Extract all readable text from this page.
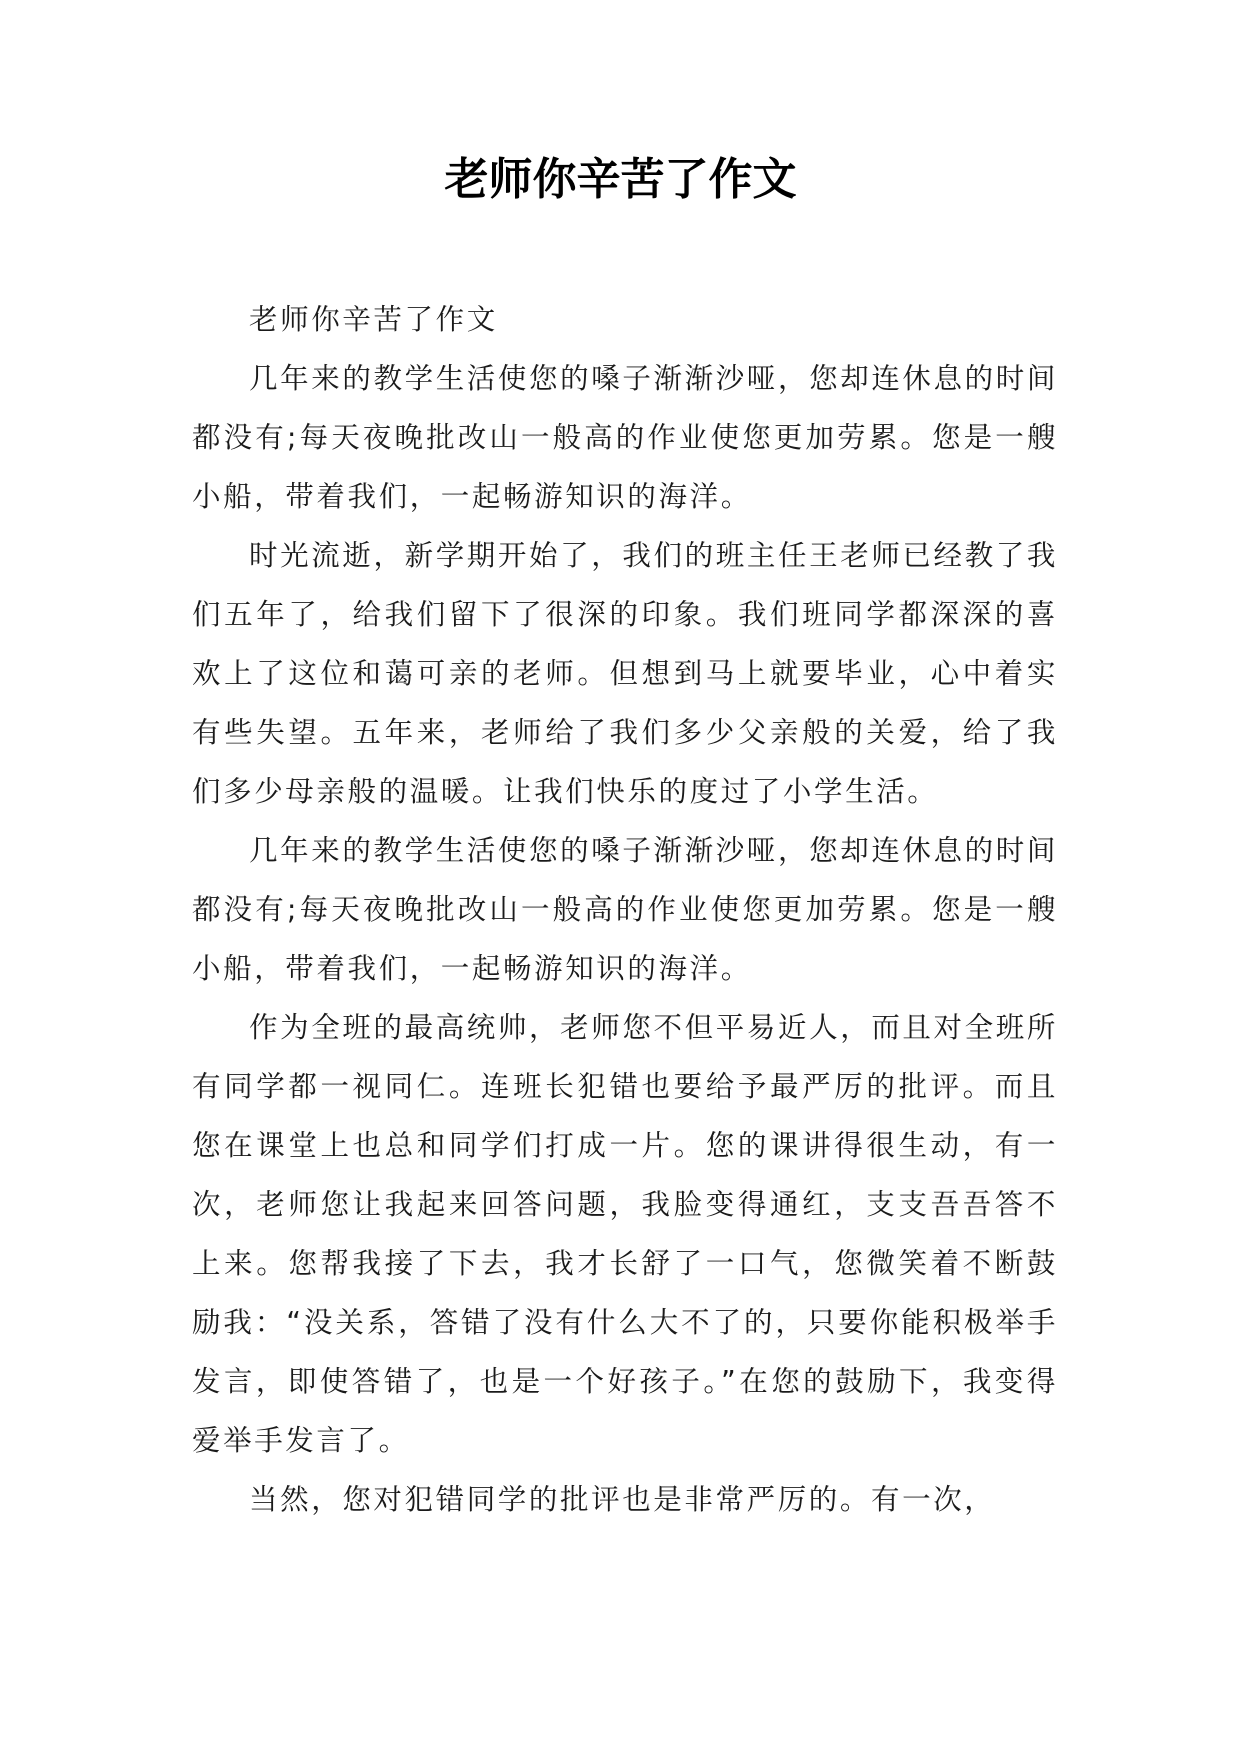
老师你辛苦了作文

老师你辛苦了作文

几年来的教学生活使您的嗓子渐渐沙哑，您却连休息的时间都没有;每天夜晚批改山一般高的作业使您更加劳累。您是一艘小船，带着我们，一起畅游知识的海洋。

时光流逝，新学期开始了，我们的班主任王老师已经教了我们五年了，给我们留下了很深的印象。我们班同学都深深的喜欢上了这位和蔼可亲的老师。但想到马上就要毕业，心中着实有些失望。五年来，老师给了我们多少父亲般的关爱，给了我们多少母亲般的温暖。让我们快乐的度过了小学生活。

几年来的教学生活使您的嗓子渐渐沙哑，您却连休息的时间都没有;每天夜晚批改山一般高的作业使您更加劳累。您是一艘小船，带着我们，一起畅游知识的海洋。

作为全班的最高统帅，老师您不但平易近人，而且对全班所有同学都一视同仁。连班长犯错也要给予最严厉的批评。而且您在课堂上也总和同学们打成一片。您的课讲得很生动，有一次，老师您让我起来回答问题，我脸变得通红，支支吾吾答不上来。您帮我接了下去，我才长舒了一口气，您微笑着不断鼓励我：“没关系，答错了没有什么大不了的，只要你能积极举手发言，即使答错了，也是一个好孩子。”在您的鼓励下，我变得爱举手发言了。

当然，您对犯错同学的批评也是非常严厉的。有一次，
